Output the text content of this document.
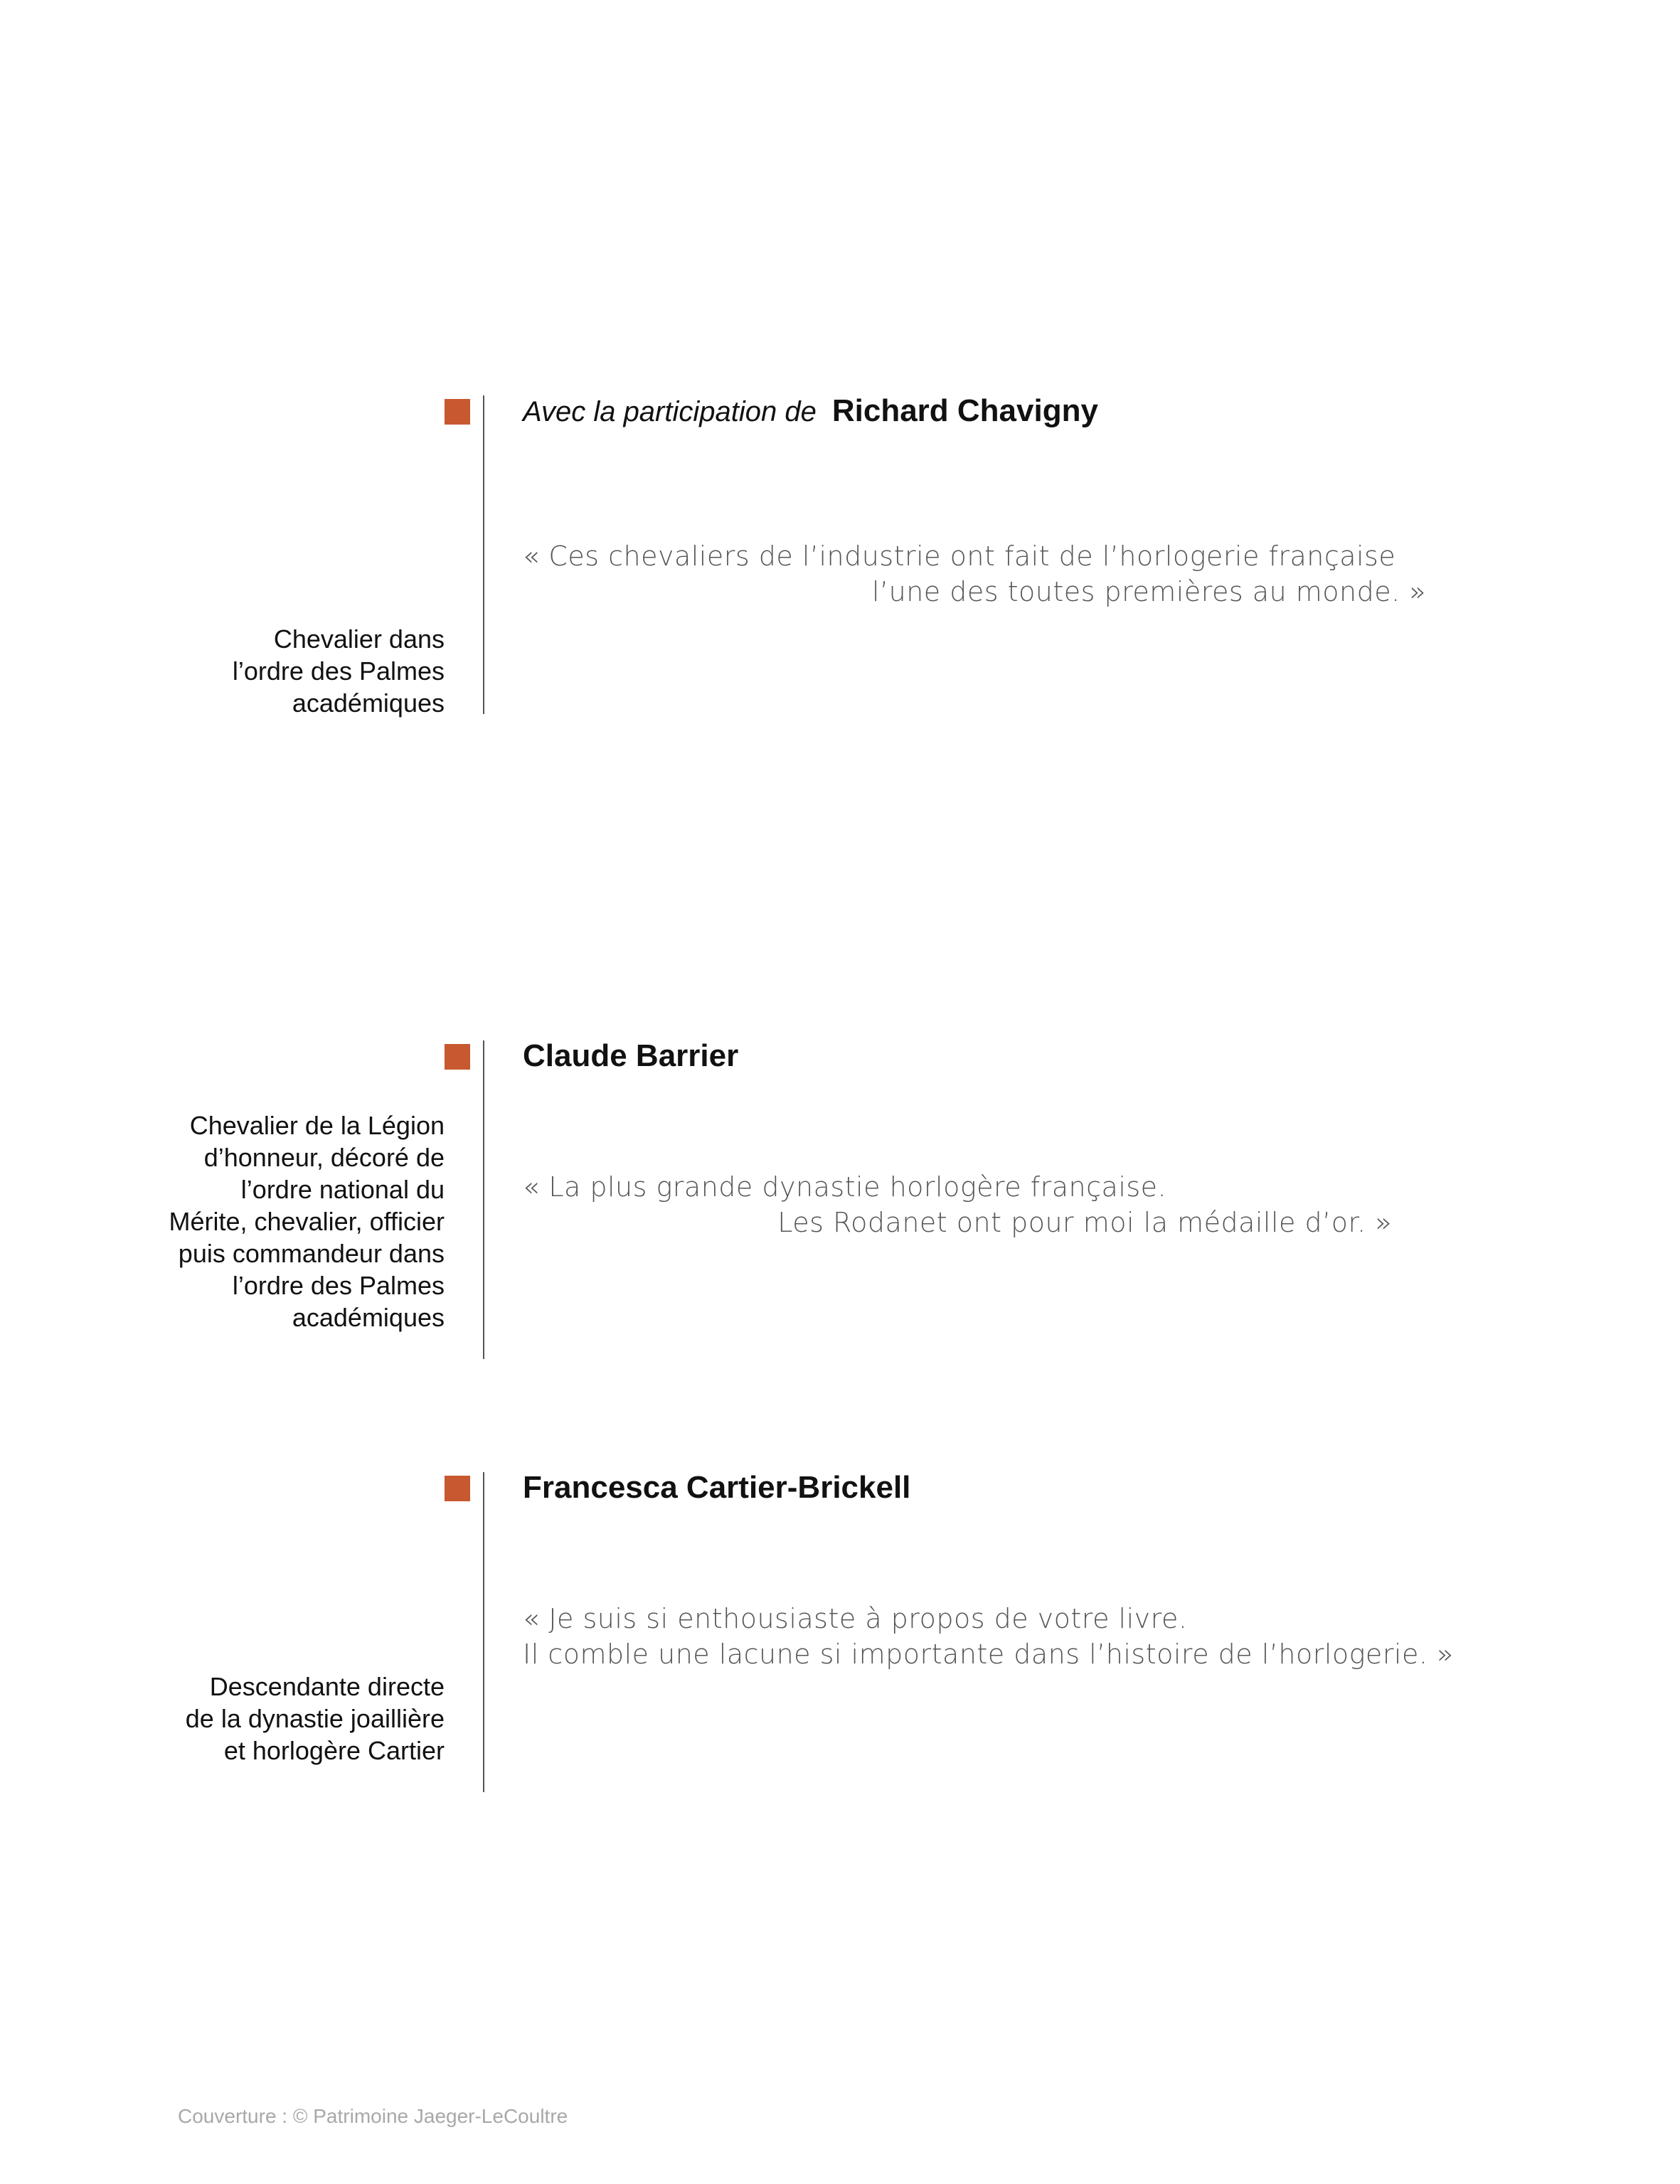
Avec la participation de Richard Chavigny
« Ces chevaliers de l’industrie ont fait de l’horlogerie française
l’une des toutes premières au monde. »
Chevalier dans l’ordre des Palmes académiques
Claude Barrier
Chevalier de la Légion d’honneur, décoré de l’ordre national du Mérite, chevalier, officier puis commandeur dans l’ordre des Palmes académiques
« La plus grande dynastie horlogère française.
Les Rodanet ont pour moi la médaille d’or. »
Francesca Cartier-Brickell
« Je suis si enthousiaste à propos de votre livre.
Il comble une lacune si importante dans l’histoire de l’horlogerie. »
Descendante directe de la dynastie joaillière et horlogère Cartier
Couverture : © Patrimoine Jaeger-LeCoultre
